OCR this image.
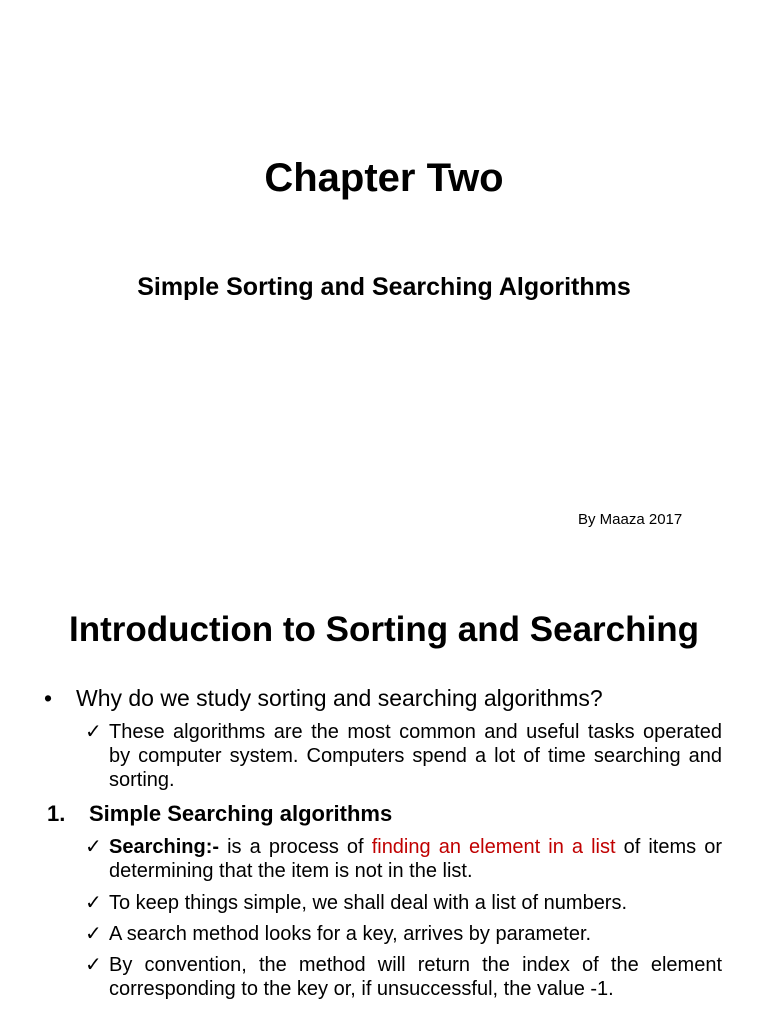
Chapter Two
Simple Sorting and Searching Algorithms
By Maaza 2017
Introduction to Sorting and Searching
• Why do we study sorting and searching algorithms?
✓ These algorithms are the most common and useful tasks operated by computer system. Computers spend a lot of time searching and sorting.
1. Simple Searching algorithms
✓ Searching:- is a process of finding an element in a list of items or determining that the item is not in the list.
✓ To keep things simple, we shall deal with a list of numbers.
✓ A search method looks for a key, arrives by parameter.
✓ By convention, the method will return the index of the element corresponding to the key or, if unsuccessful, the value -1.
